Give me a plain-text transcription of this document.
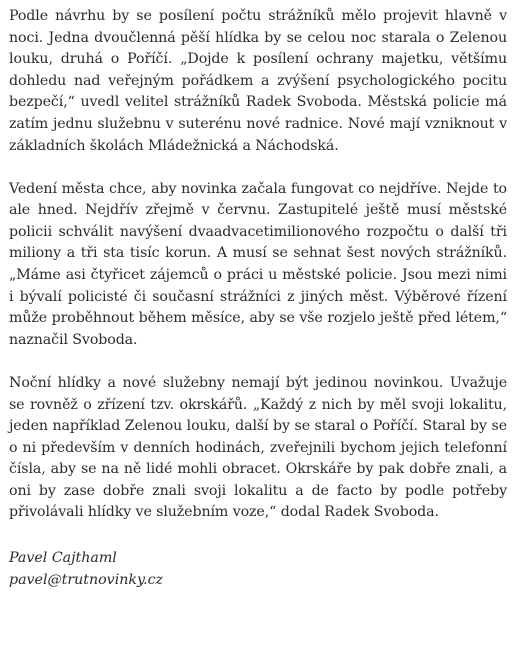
Podle návrhu by se posílení počtu strážníků mělo projevit hlavně v noci. Jedna dvoučlenná pěší hlídka by se celou noc starala o Zelenou louku, druhá o Poříčí. „Dojde k posílení ochrany majetku, většímu dohledu nad veřejným pořádkem a zvýšení psychologického pocitu bezpečí,“ uvedl velitel strážníků Radek Svoboda. Městská policie má zatím jednu služebnu v suterénu nové radnice. Nové mají vzniknout v základních školách Mládežnická a Náchodská.

Vedení města chce, aby novinka začala fungovat co nejdříve. Nejde to ale hned. Nejdřív zřejmě v červnu. Zastupitelé ještě musí městské policii schválit navýšení dvaadvacetimilionového rozpočtu o další tři miliony a tři sta tisíc korun. A musí se sehnat šest nových strážníků. „Máme asi čtyřicet zájemců o práci u městské policie. Jsou mezi nimi i bývalí policisté či současní strážníci z jiných měst. Výběrové řízení může proběhnout během měsíce, aby se vše rozjelo ještě před létem,“ naznačil Svoboda.

Noční hlídky a nové služebny nemají být jedinou novinkou. Uvažuje se rovněž o zřízení tzv. okrskářů. „Každý z nich by měl svoji lokalitu, jeden například Zelenou louku, další by se staral o Poříčí. Staral by se o ni především v denních hodinách, zveřejnili bychom jejich telefonní čísla, aby se na ně lidé mohli obracet. Okrskáře by pak dobře znali, a oni by zase dobře znali svoji lokalitu a de facto by podle potřeby přivolávali hlídky ve služebním voze,“ dodal Radek Svoboda.

Pavel Cajthaml
pavel@trutnovinky.cz
